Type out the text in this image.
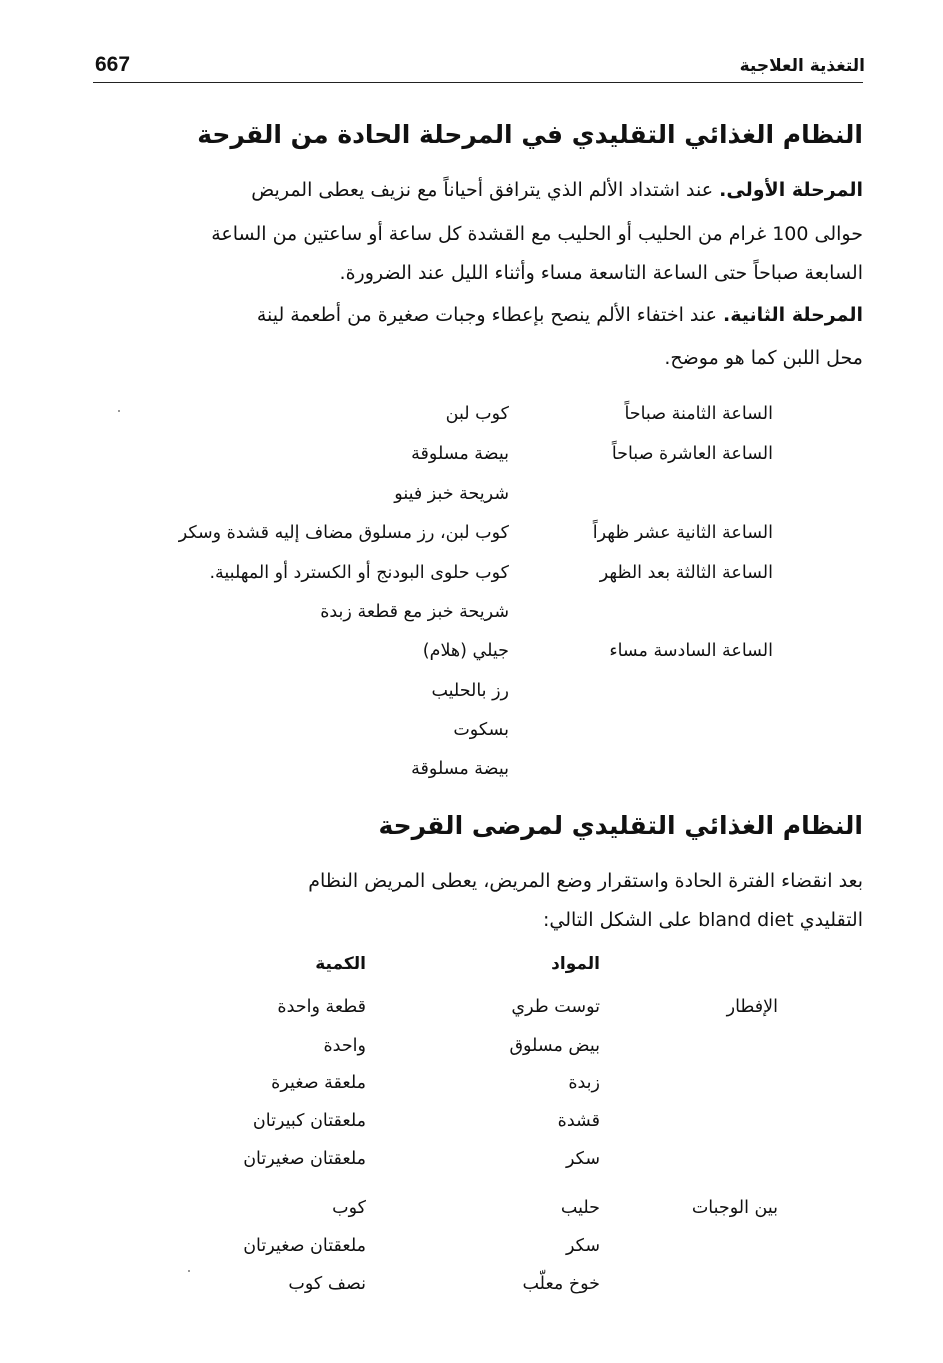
التغذية العلاجية
667
النظام الغذائي التقليدي في المرحلة الحادة من القرحة
المرحلة الأولى. عند اشتداد الألم الذي يترافق أحياناً مع نزيف يعطى المريض
حوالى 100 غرام من الحليب أو الحليب مع القشدة كل ساعة أو ساعتين من الساعة
السابعة صباحاً حتى الساعة التاسعة مساء وأثناء الليل عند الضرورة.
المرحلة الثانية. عند اختفاء الألم ينصح بإعطاء وجبات صغيرة من أطعمة لينة
محل اللبن كما هو موضح.
الساعة الثامنة صباحاً
كوب لبن
الساعة العاشرة صباحاً
بيضة مسلوقة
شريحة خبز فينو
الساعة الثانية عشر ظهراً
كوب لبن، رز مسلوق مضاف إليه قشدة وسكر
الساعة الثالثة بعد الظهر
كوب حلوى البودنج أو الكسترد أو المهلبية.
شريحة خبز مع قطعة زبدة
الساعة السادسة مساء
جيلي (هلام)
رز بالحليب
بسكوت
بيضة مسلوقة
النظام الغذائي التقليدي لمرضى القرحة
بعد انقضاء الفترة الحادة واستقرار وضع المريض، يعطى المريض النظام
التقليدي bland diet على الشكل التالي:
المواد
الكمية
الإفطار
توست طري
قطعة واحدة
بيض مسلوق
واحدة
زبدة
ملعقة صغيرة
قشدة
ملعقتان كبيرتان
سكر
ملعقتان صغيرتان
بين الوجبات
حليب
كوب
سكر
ملعقتان صغيرتان
خوخ معلّب
نصف كوب
